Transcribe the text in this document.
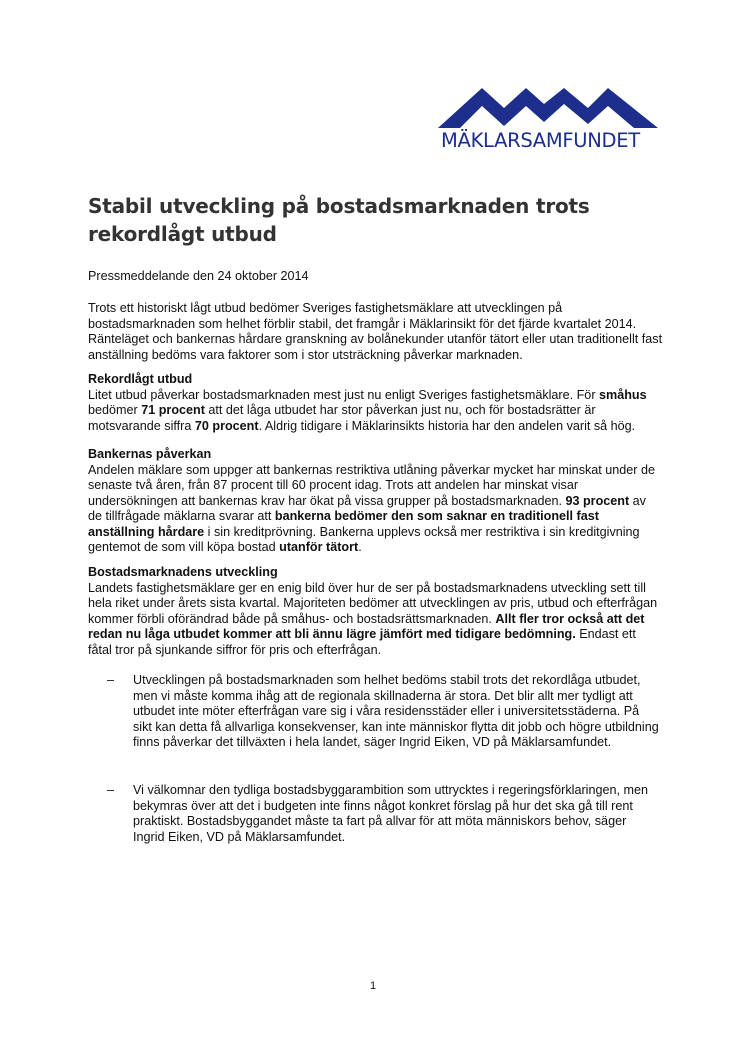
MÄKLARSAMFUNDET
Stabil utveckling på bostadsmarknaden trots rekordlågt utbud

Pressmeddelande den 24 oktober 2014

Trots ett historiskt lågt utbud bedömer Sveriges fastighetsmäklare att utvecklingen på bostadsmarknaden som helhet förblir stabil, det framgår i Mäklarinsikt för det fjärde kvartalet 2014. Ränteläget och bankernas hårdare granskning av bolånekunder utanför tätort eller utan traditionellt fast anställning bedöms vara faktorer som i stor utsträckning påverkar marknaden.

Rekordlågt utbud
Litet utbud påverkar bostadsmarknaden mest just nu enligt Sveriges fastighetsmäklare. För småhus bedömer 71 procent att det låga utbudet har stor påverkan just nu, och för bostadsrätter är motsvarande siffra 70 procent. Aldrig tidigare i Mäklarinsikts historia har den andelen varit så hög.
Bankernas påverkan
Andelen mäklare som uppger att bankernas restriktiva utlåning påverkar mycket har minskat under de senaste två åren, från 87 procent till 60 procent idag. Trots att andelen har minskat visar undersökningen att bankernas krav har ökat på vissa grupper på bostadsmarknaden. 93 procent av de tillfrågade mäklarna svarar att bankerna bedömer den som saknar en traditionell fast anställning hårdare i sin kreditprövning. Bankerna upplevs också mer restriktiva i sin kreditgivning gentemot de som vill köpa bostad utanför tätort.
Bostadsmarknadens utveckling
Landets fastighetsmäklare ger en enig bild över hur de ser på bostadsmarknadens utveckling sett till hela riket under årets sista kvartal. Majoriteten bedömer att utvecklingen av pris, utbud och efterfrågan kommer förbli oförändrad både på småhus- och bostadsrättsmarknaden. Allt fler tror också att det redan nu låga utbudet kommer att bli ännu lägre jämfört med tidigare bedömning. Endast ett fåtal tror på sjunkande siffror för pris och efterfrågan.
– Utvecklingen på bostadsmarknaden som helhet bedöms stabil trots det rekordlåga utbudet, men vi måste komma ihåg att de regionala skillnaderna är stora. Det blir allt mer tydligt att utbudet inte möter efterfrågan vare sig i våra residensstäder eller i universitetsstäderna. På sikt kan detta få allvarliga konsekvenser, kan inte människor flytta dit jobb och högre utbildning finns påverkar det tillväxten i hela landet, säger Ingrid Eiken, VD på Mäklarsamfundet.

– Vi välkomnar den tydliga bostadsbyggarambition som uttrycktes i regeringsförklaringen, men bekymras över att det i budgeten inte finns något konkret förslag på hur det ska gå till rent praktiskt. Bostadsbyggandet måste ta fart på allvar för att möta människors behov, säger Ingrid Eiken, VD på Mäklarsamfundet.

1
